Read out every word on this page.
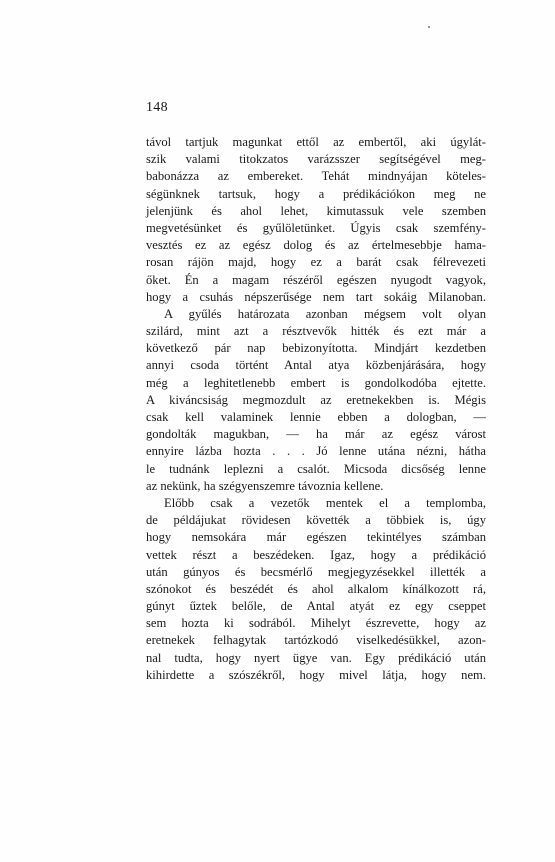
148
távol tartjuk magunkat ettől az embertől, aki úgylát-
szik valami titokzatos varázsszer segítségével meg-
babonázza az embereket. Tehát mindnyájan köteles-
ségünknek tartsuk, hogy a prédikációkon meg ne
jelenjünk és ahol lehet, kimutassuk vele szemben
megvetésünket és gyűlöletünket. Úgyis csak szemfény-
vesztés ez az egész dolog és az értelmesebbje hama-
rosan rájön majd, hogy ez a barát csak félrevezeti
őket. Én a magam részéről egészen nyugodt vagyok,
hogy a csuhás népszerűsége nem tart sokáig Milanoban.
A gyűlés határozata azonban mégsem volt olyan
szilárd, mint azt a résztvevők hitték és ezt már a
következő pár nap bebizonyította. Mindjárt kezdetben
annyi csoda történt Antal atya közbenjárására, hogy
még a leghitetlenebb embert is gondolkodóba ejtette.
A kiváncsiság megmozdult az eretnekekben is. Mégis
csak kell valaminek lennie ebben a dologban, —
gondolták magukban, — ha már az egész várost
ennyire lázba hozta . . . Jó lenne utána nézni, hátha
le tudnánk leplezni a csalót. Micsoda dicsőség lenne
az nekünk, ha szégyenszemre távoznia kellene.
Előbb csak a vezetők mentek el a templomba,
de példájukat rövidesen követték a többiek is, úgy
hogy nemsokára már egészen tekintélyes számban
vettek részt a beszédeken. Igaz, hogy a prédikáció
után gúnyos és becsmérlő megjegyzésekkel illették a
szónokot és beszédét és ahol alkalom kínálkozott rá,
gúnyt űztek belőle, de Antal atyát ez egy cseppet
sem hozta ki sodrából. Mihelyt észrevette, hogy az
eretnekek felhagytak tartózkodó viselkedésükkel, azon-
nal tudta, hogy nyert ügye van. Egy prédikáció után
kihirdette a szószékről, hogy mivel látja, hogy nem.
